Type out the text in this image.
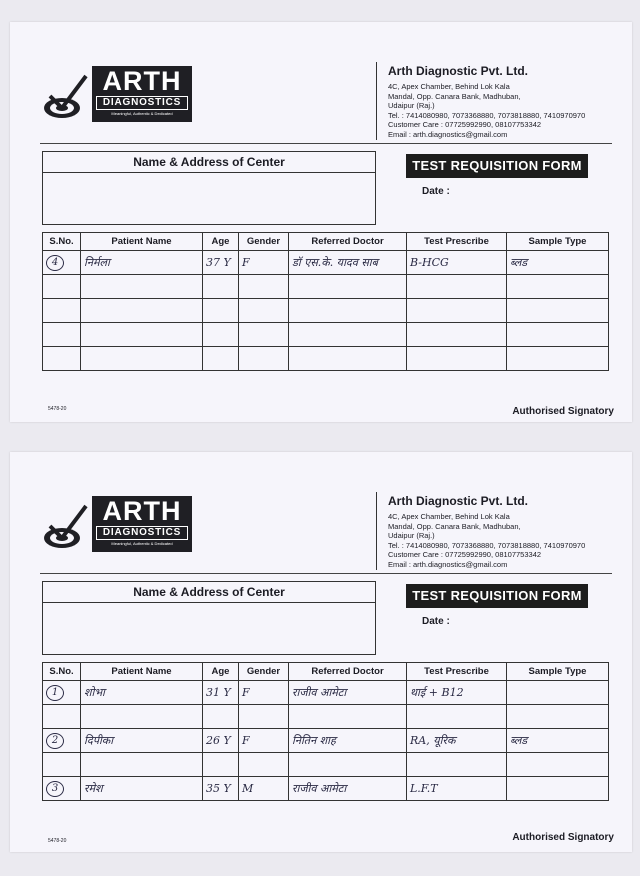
ARTH
DIAGNOSTICS
Meaningful, Authentic & Dedicated
Arth Diagnostic Pvt. Ltd.
4C, Apex Chamber, Behind Lok Kala
Mandal, Opp. Canara Bank, Madhuban,
Udaipur (Raj.)
Tel. : 7414080980, 7073368880, 7073818880, 7410970970
Customer Care : 07725992990, 08107753342
Email : arth.diagnostics@gmail.com
Name & Address of Center	TEST REQUISITION FORM
Date :
S.No.	Patient Name	Age	Gender	Referred Doctor	Test Prescribe	Sample Type
4	निर्मला	37 Y	F	डॉ एस.के. यादव साब	B-HCG	ब्लड

5478-20	Authorised Signatory
ARTH
DIAGNOSTICS
Meaningful, Authentic & Dedicated
Arth Diagnostic Pvt. Ltd.
4C, Apex Chamber, Behind Lok Kala
Mandal, Opp. Canara Bank, Madhuban,
Udaipur (Raj.)
Tel. : 7414080980, 7073368880, 7073818880, 7410970970
Customer Care : 07725992990, 08107753342
Email : arth.diagnostics@gmail.com
Name & Address of Center	TEST REQUISITION FORM
Date :
S.No.	Patient Name	Age	Gender	Referred Doctor	Test Prescribe	Sample Type
1	शोभा	31 Y	F	राजीव आमेटा	थाई + B12	

2	दिपीका	26 Y	F	नितिन शाह	RA, यूरिक	ब्लड

3	रमेश	35 Y	M	राजीव आमेटा	L.F.T	
5478-20	Authorised Signatory
